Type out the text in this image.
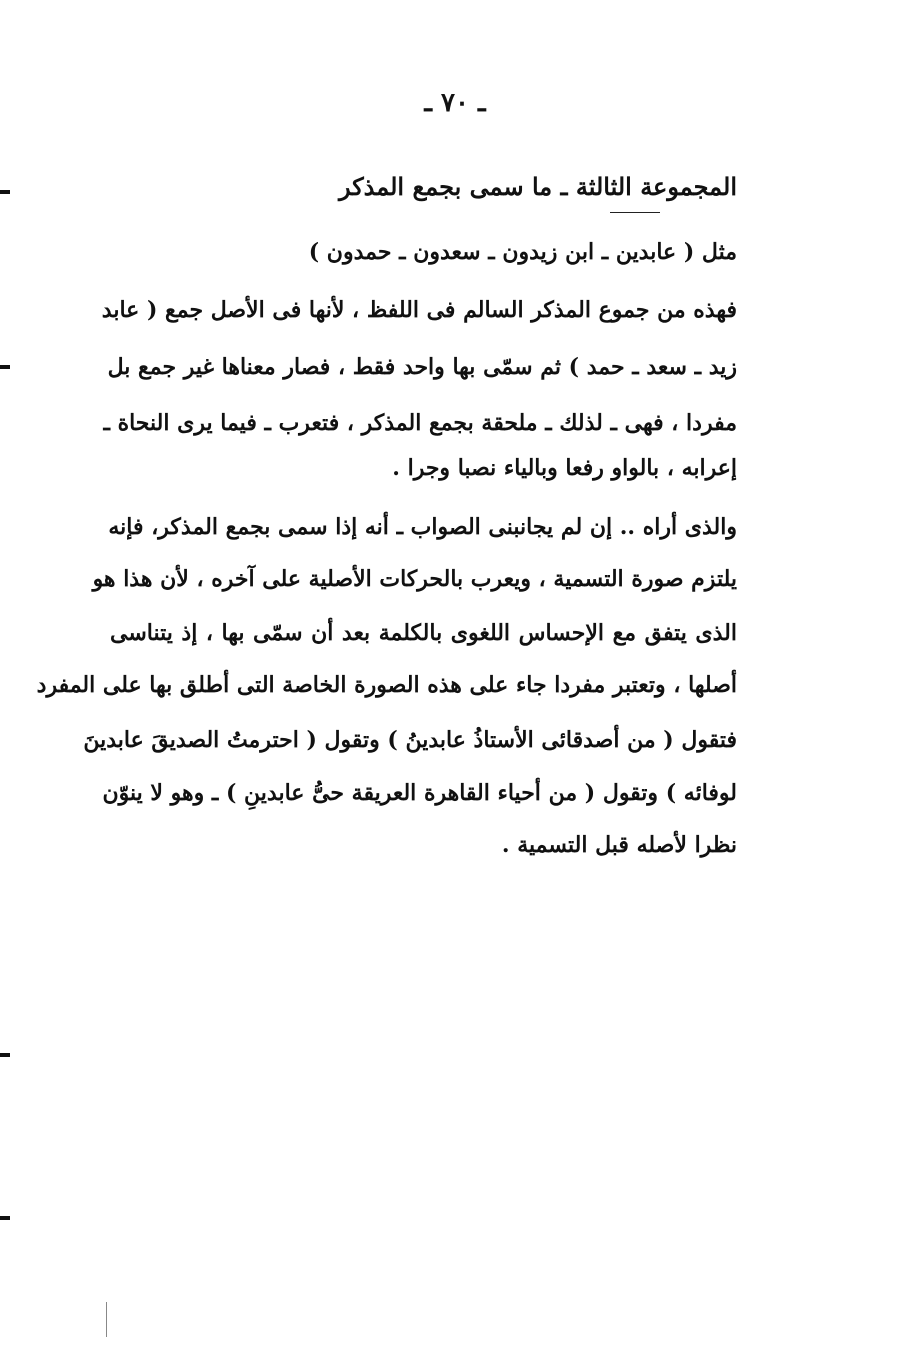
ـ ٧٠ ـ
المجموعة الثالثة ـ ما سمى بجمع المذكر
مثل ( عابدين ـ ابن زيدون ـ سعدون ـ حمدون )
فهذه من جموع المذكر السالم فى اللفظ ، لأنها فى الأصل جمع ( عابد
زيد ـ سعد ـ حمد ) ثم سمّى بها واحد فقط ، فصار معناها غير جمع بل
مفردا ، فهى ـ لذلك ـ ملحقة بجمع المذكر ، فتعرب ـ فيما يرى النحاة ـ
إعرابه ، بالواو رفعا وبالياء نصبا وجرا .
والذى أراه .. إن لم يجانبنى الصواب ـ أنه إذا سمى بجمع المذكر، فإنه
يلتزم صورة التسمية ، ويعرب بالحركات الأصلية على آخره ، لأن هذا هو
الذى يتفق مع الإحساس اللغوى بالكلمة بعد أن سمّى بها ، إذ يتناسى
أصلها ، وتعتبر مفردا جاء على هذه الصورة الخاصة التى أطلق بها على المفرد
فتقول ( من أصدقائى الأستاذُ عابدينُ ) وتقول ( احترمتُ الصديقَ عابدينَ
لوفائه ) وتقول ( من أحياء القاهرة العريقة حىُّ عابدينِ ) ـ وهو لا ينوّن
نظرا لأصله قبل التسمية .
